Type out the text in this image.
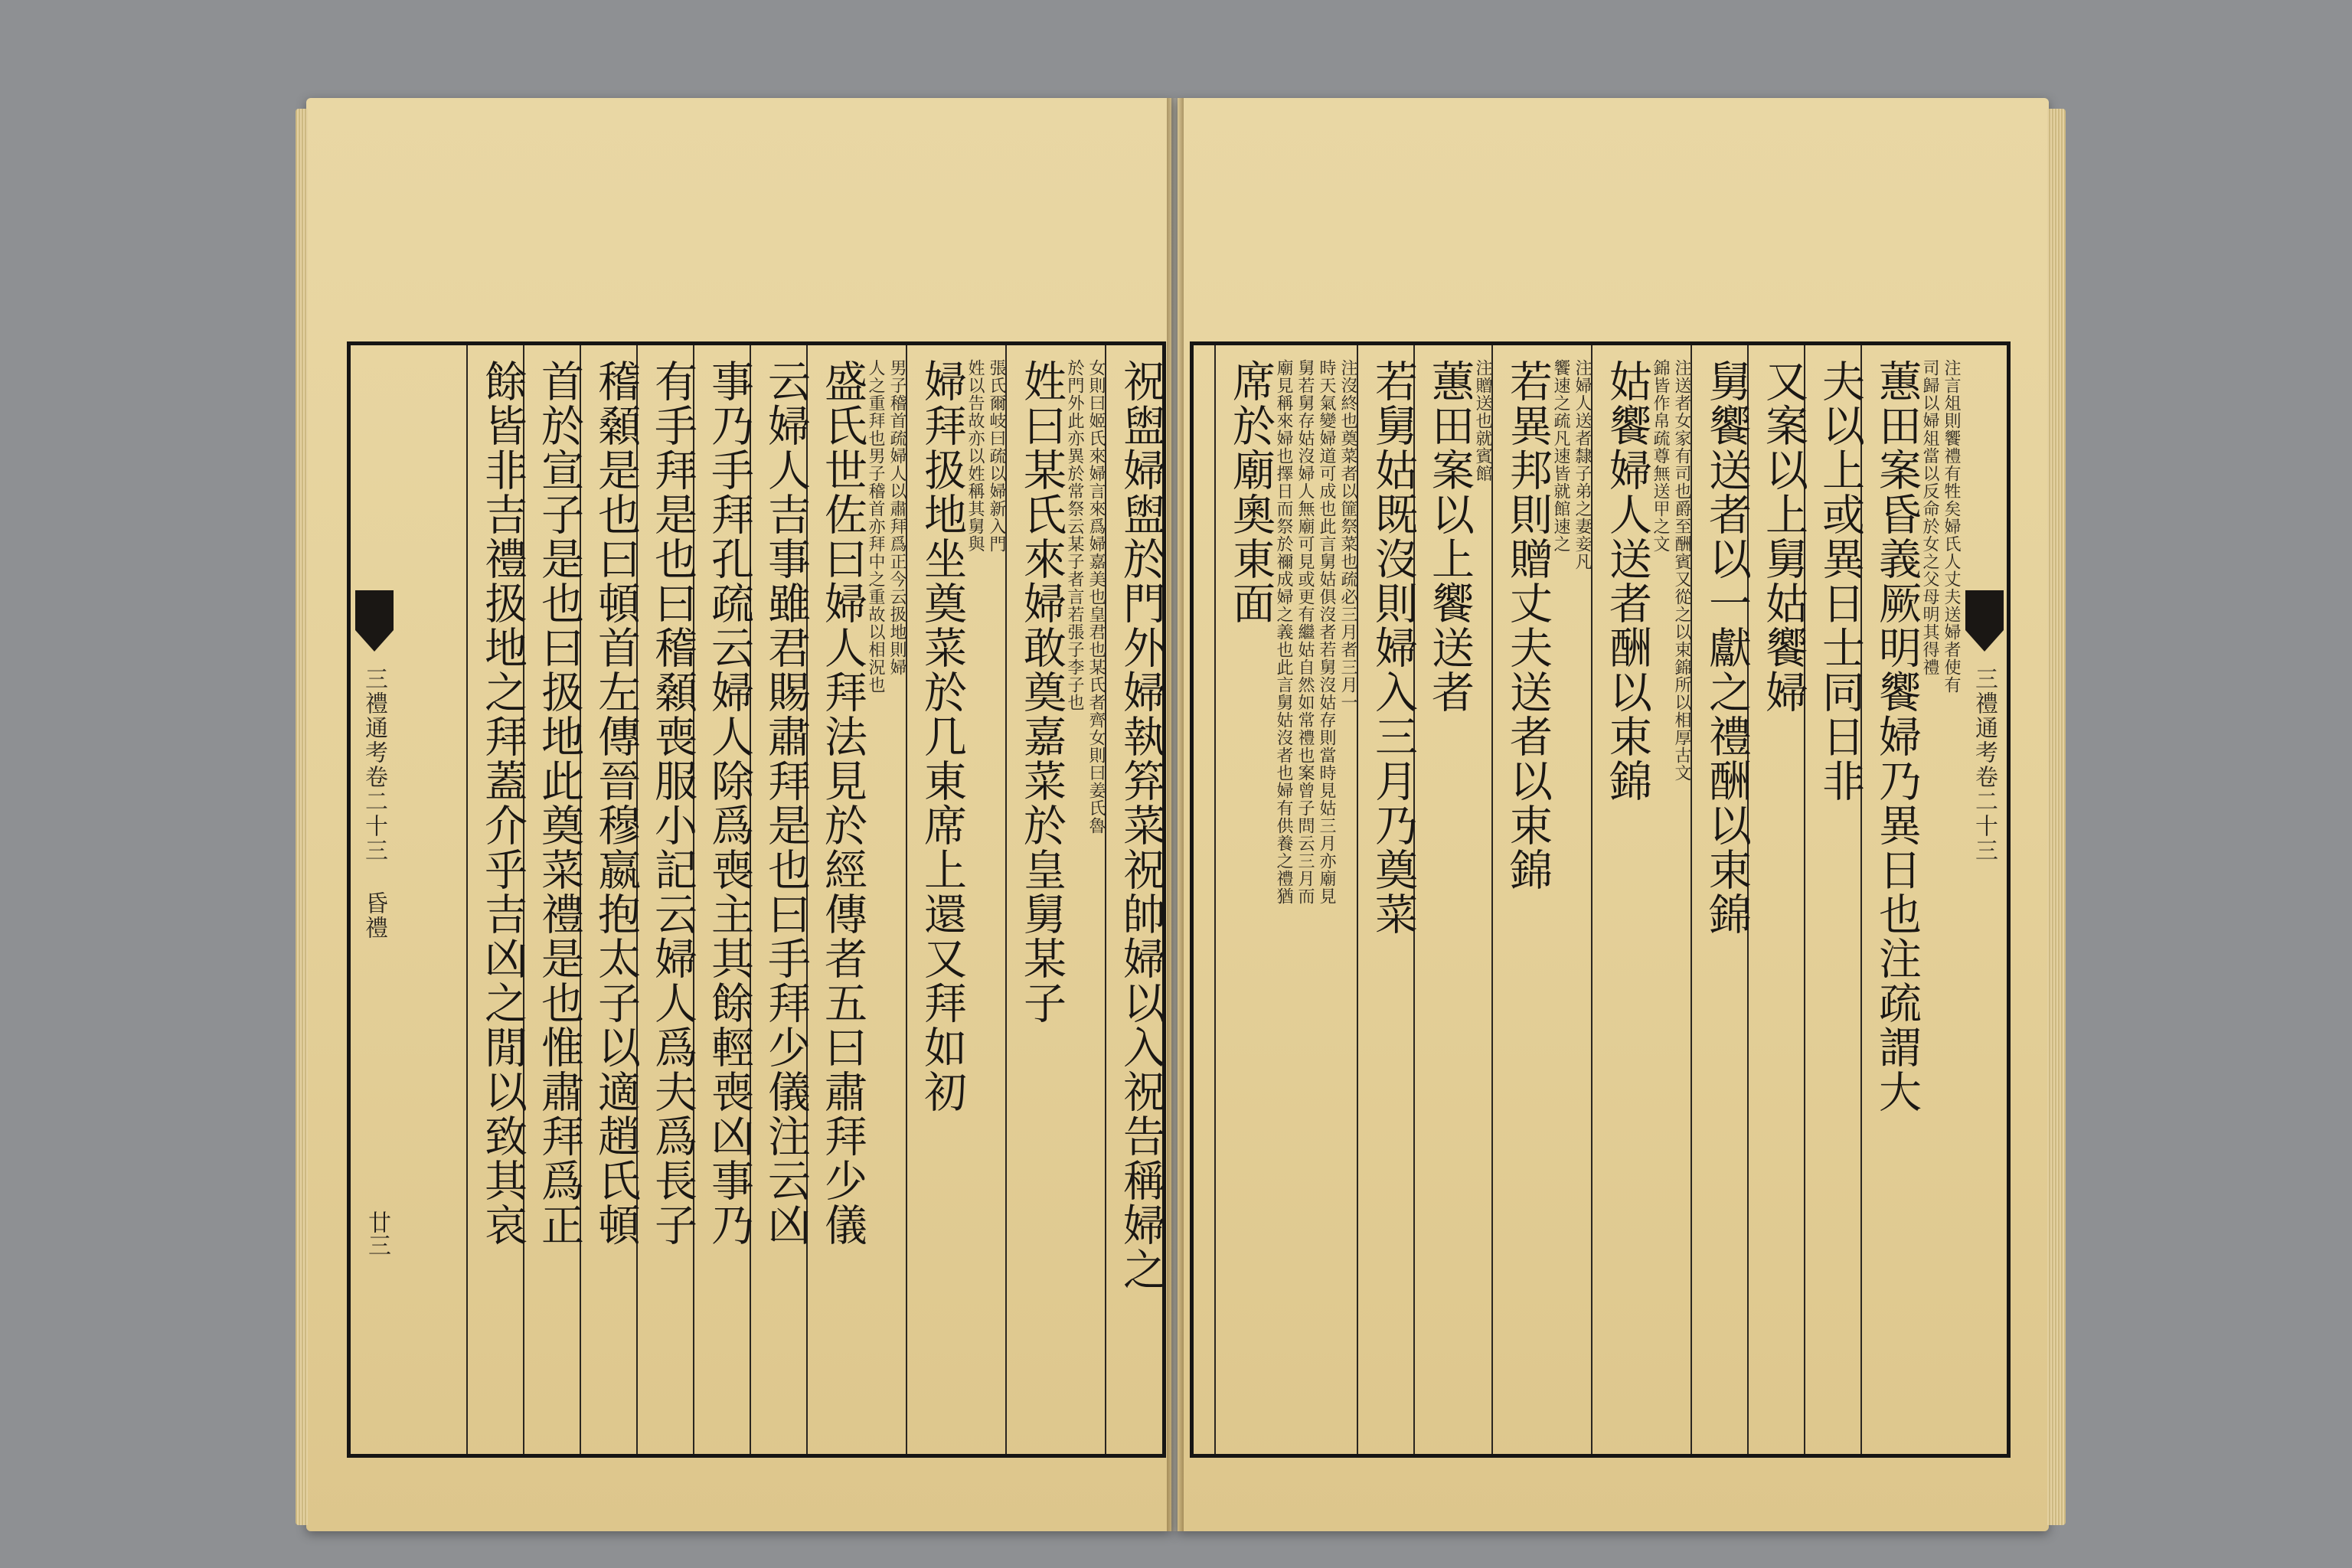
三禮通考卷二十三 昏禮
廿三	祝盥婦盥於門外婦執笲菜祝帥婦以入祝告稱婦之
女則曰姬氏來婦言來爲婦嘉美也皇君也某氏者齊女則曰姜氏魯
於門外此亦異於常祭云某子者言若張子李子也
姓曰某氏來婦敢奠嘉菜於皇舅某子
張氏爾岐曰疏以婦新入門
姓以告故亦以姓稱其舅與
婦拜扱地坐奠菜於几東席上還又拜如初
男子稽首疏婦人以肅拜爲正今云扱地則婦
人之重拜也男子稽首亦拜中之重故以相況也
盛氏世佐曰婦人拜法見於經傳者五曰肅拜少儀
云婦人吉事雖君賜肅拜是也曰手拜少儀注云凶
事乃手拜孔疏云婦人除爲喪主其餘輕喪凶事乃
有手拜是也曰稽顙喪服小記云婦人爲夫爲長子
稽顙是也曰頓首左傳晉穆嬴抱太子以適趙氏頓
首於宣子是也曰扱地此奠菜禮是也惟肅拜爲正
餘皆非吉禮扱地之拜蓋介乎吉凶之閒以致其哀	三禮通考卷二十三
注言俎則饗禮有牲矣婦氏人丈夫送婦者使有
司歸以婦俎當以反命於女之父母明其得禮
蕙田案昏義厥明饗婦乃異日也注疏謂大
夫以上或異日士同日非
又案以上舅姑饗婦
舅饗送者以一獻之禮酬以束錦
注送者女家有司也爵至酬賓又從之以束錦所以相厚古文
錦皆作帛疏尊無送甲之文
姑饗婦人送者酬以束錦
注婦人送者隸子弟之妻妾凡
饗速之疏凡速皆就館速之
若異邦則贈丈夫送者以束錦
注贈送也就賓館
蕙田案以上饗送者
若舅姑既沒則婦入三月乃奠菜
注沒終也奠菜者以篚祭菜也疏必三月者三月一
時天氣變婦道可成也此言舅姑俱沒者若舅沒姑存則當時見姑三月亦廟見
舅若舅存姑沒婦人無廟可見或更有繼姑自然如常禮也案曾子問云三月而
廟見稱來婦也擇日而祭於禰成婦之義也此言舅姑沒者也婦有供養之禮猶
席於廟奧東面
